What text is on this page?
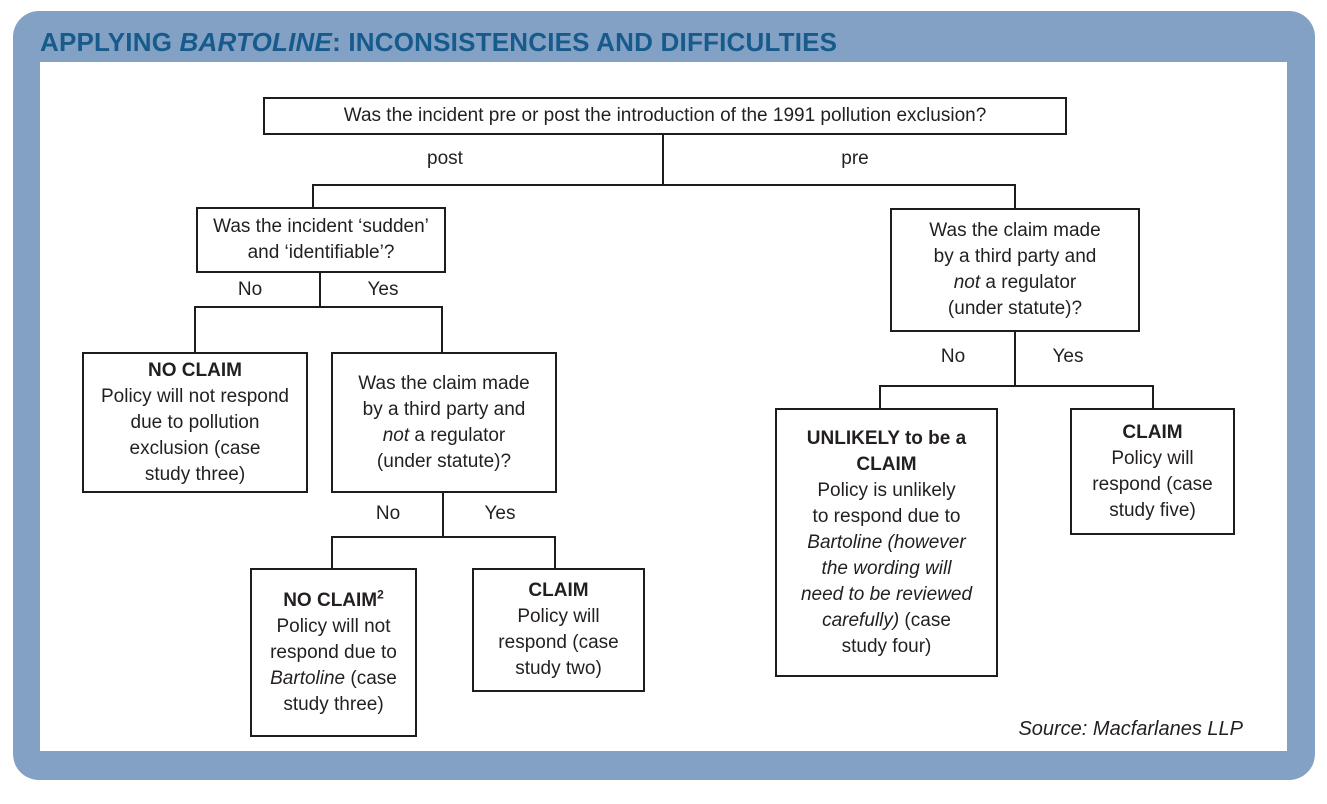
APPLYING BARTOLINE: INCONSISTENCIES AND DIFFICULTIES
Was the incident pre or post the introduction of the 1991 pollution exclusion?
Was the incident ‘sudden’
and ‘identifiable’?
NO CLAIM
Policy will not respond
due to pollution
exclusion (case
study three)
Was the claim made
by a third party and
not a regulator
(under statute)?
NO CLAIM$^2$
Policy will not
respond due to
Bartoline (case
study three)
CLAIM
Policy will
respond (case
study two)
Was the claim made
by a third party and
not a regulator
(under statute)?
UNLIKELY to be a
CLAIM
Policy is unlikely
to respond due to
Bartoline (however
the wording will
need to be reviewed
carefully) (case
study four)
CLAIM
Policy will
respond (case
study five)
post	pre
No	Yes
No	Yes
No	Yes
Source: Macfarlanes LLP
